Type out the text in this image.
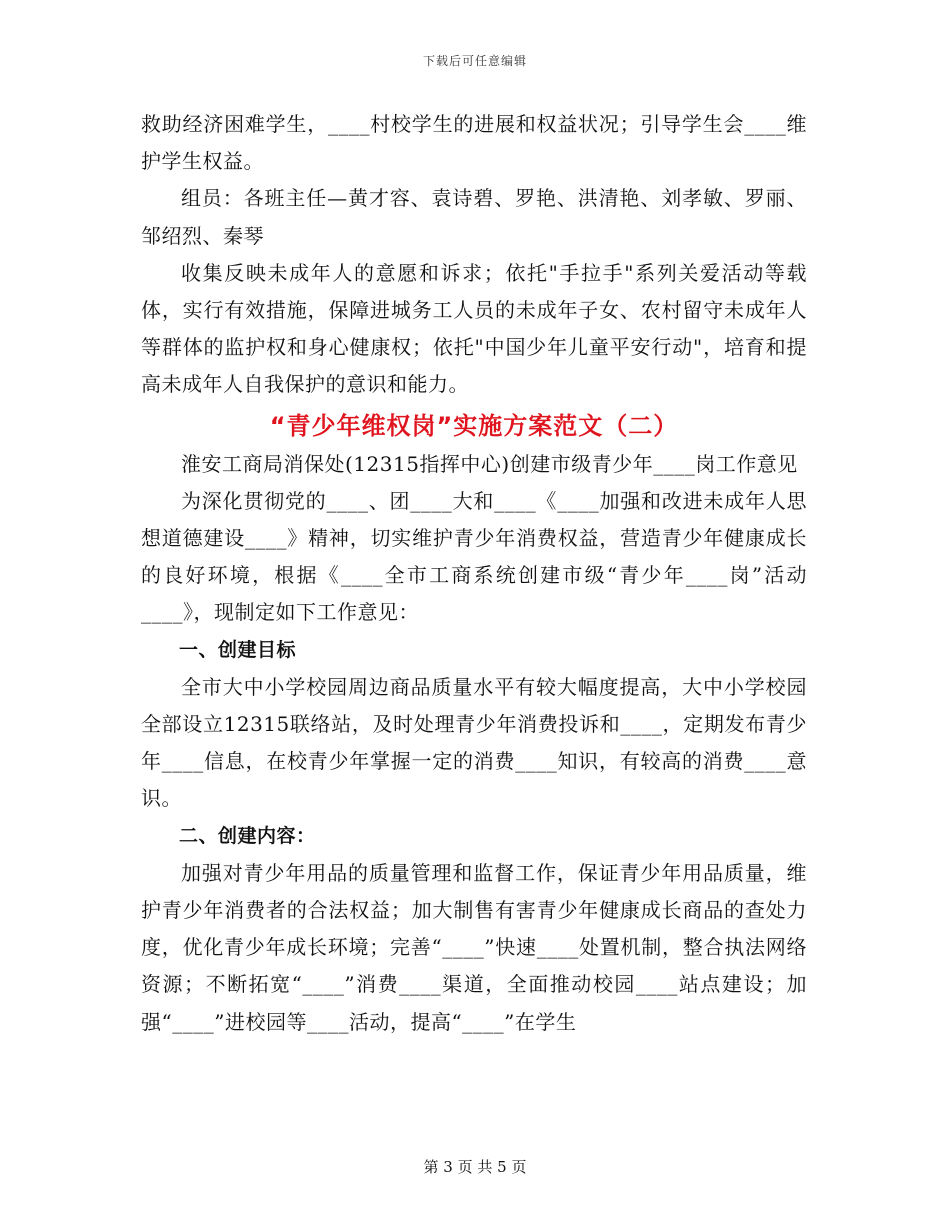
下载后可任意编辑

救助经济困难学生，____村校学生的进展和权益状况；引导学生会____维护学生权益。

组员：各班主任—黄才容、袁诗碧、罗艳、洪清艳、刘孝敏、罗丽、邹绍烈、秦琴

收集反映未成年人的意愿和诉求；依托"手拉手"系列关爱活动等载体，实行有效措施，保障进城务工人员的未成年子女、农村留守未成年人等群体的监护权和身心健康权；依托"中国少年儿童平安行动"，培育和提高未成年人自我保护的意识和能力。

“青少年维权岗”实施方案范文（二）

淮安工商局消保处(12315指挥中心)创建市级青少年____岗工作意见

为深化贯彻党的____、团____大和____《____加强和改进未成年人思想道德建设____》精神，切实维护青少年消费权益，营造青少年健康成长的良好环境，根据《____全市工商系统创建市级“青少年____岗”活动____》，现制定如下工作意见：

一、创建目标

全市大中小学校园周边商品质量水平有较大幅度提高，大中小学校园全部设立12315联络站，及时处理青少年消费投诉和____，定期发布青少年____信息，在校青少年掌握一定的消费____知识，有较高的消费____意识。

二、创建内容：

加强对青少年用品的质量管理和监督工作，保证青少年用品质量，维护青少年消费者的合法权益；加大制售有害青少年健康成长商品的查处力度，优化青少年成长环境；完善“____”快速____处置机制，整合执法网络资源；不断拓宽“____”消费____渠道，全面推动校园____站点建设；加强“____”进校园等____活动，提高“____”在学生

第 3 页 共 5 页
